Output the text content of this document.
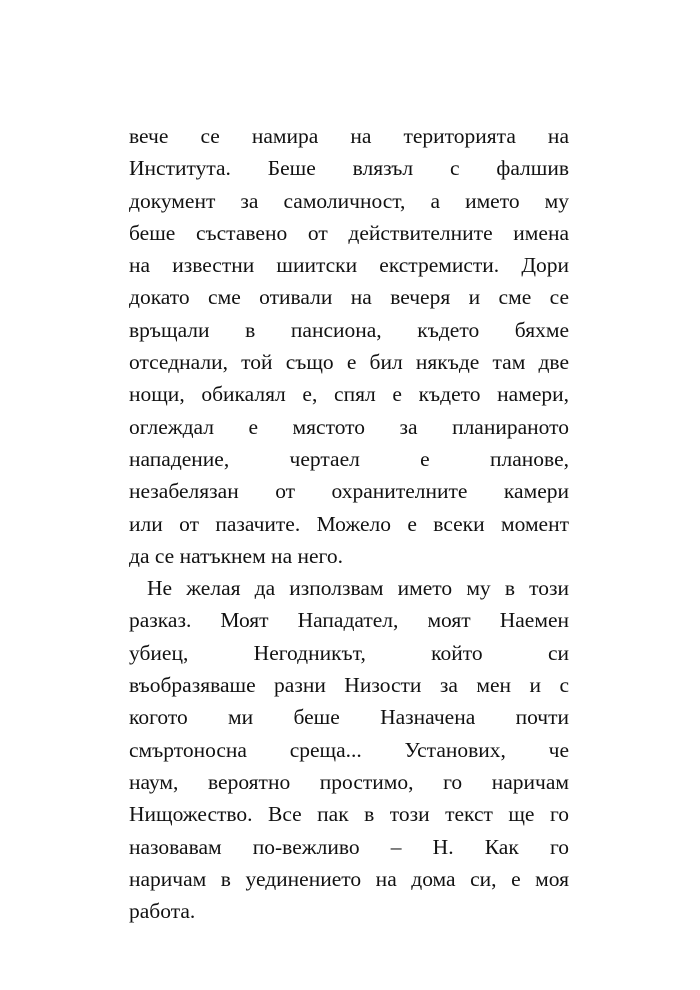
вече се намира на територията на
Института. Беше влязъл с фалшив
документ за самоличност, а името му
беше съставено от действителните имена
на известни шиитски екстремисти. Дори
докато сме отивали на вечеря и сме се
връщали в пансиона, където бяхме
отседнали, той също е бил някъде там две
нощи, обикалял е, спял е където намери,
оглеждал е мястото за планираното
нападение, чертаел е планове,
незабелязан от охранителните камери
или от пазачите. Можело е всеки момент
да се натъкнем на него.
Не желая да използвам името му в този
разказ. Моят Нападател, моят Наемен
убиец, Негодникът, който си
въобразяваше разни Низости за мен и с
когото ми беше Назначена почти
смъртоносна среща... Установих, че
наум, вероятно простимо, го наричам
Нищожество. Все пак в този текст ще го
назовавам по-вежливо – Н. Как го
наричам в уединението на дома си, е моя
работа.
